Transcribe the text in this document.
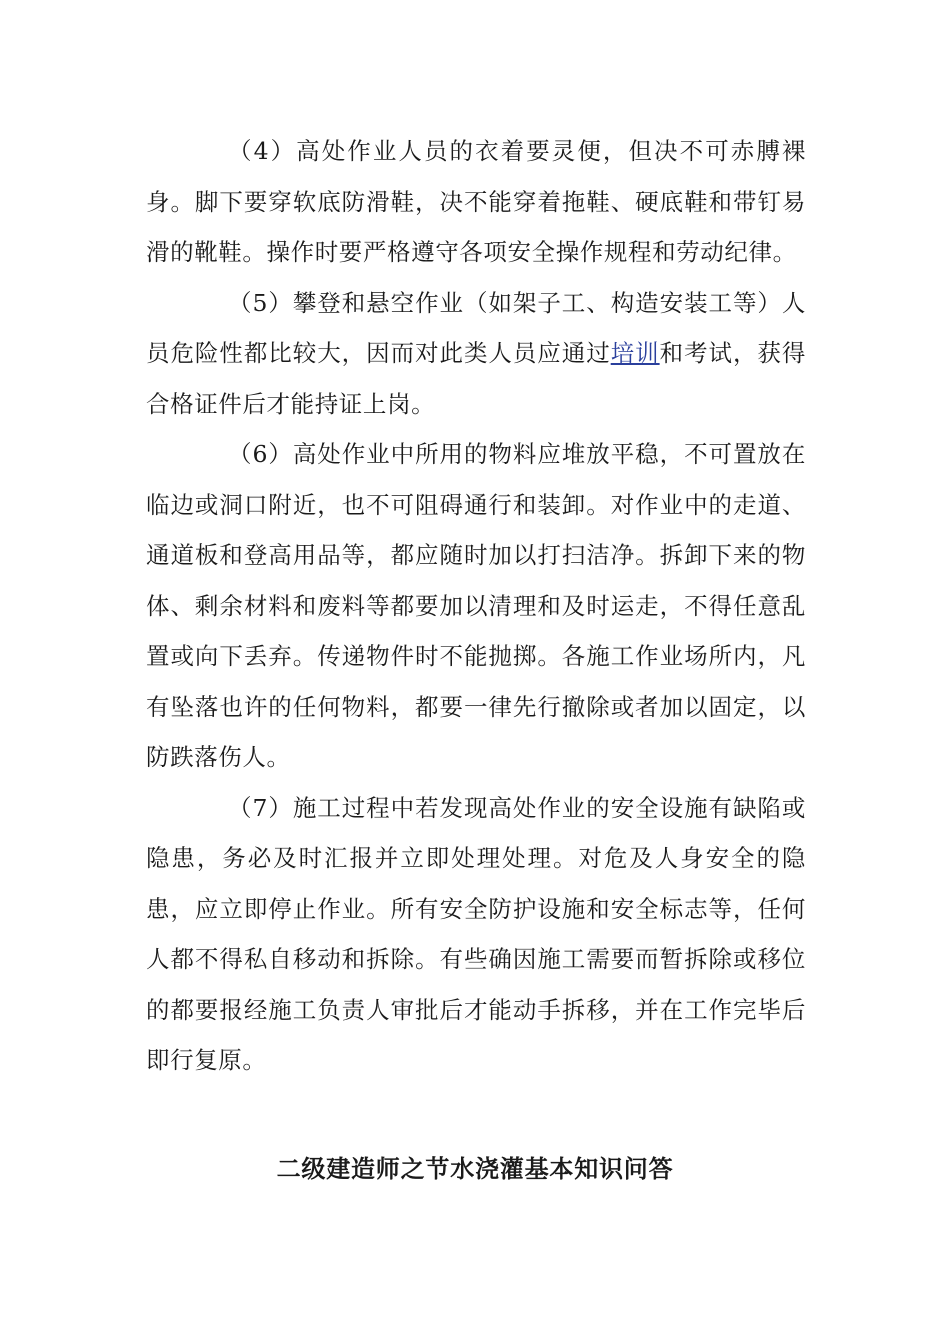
（4）高处作业人员的衣着要灵便，但决不可赤膊裸身。脚下要穿软底防滑鞋，决不能穿着拖鞋、硬底鞋和带钉易滑的靴鞋。操作时要严格遵守各项安全操作规程和劳动纪律。

（5）攀登和悬空作业（如架子工、构造安装工等）人员危险性都比较大，因而对此类人员应通过培训和考试，获得合格证件后才能持证上岗。

（6）高处作业中所用的物料应堆放平稳，不可置放在临边或洞口附近，也不可阻碍通行和装卸。对作业中的走道、通道板和登高用品等，都应随时加以打扫洁净。拆卸下来的物体、剩余材料和废料等都要加以清理和及时运走，不得任意乱置或向下丢弃。传递物件时不能抛掷。各施工作业场所内，凡有坠落也许的任何物料，都要一律先行撤除或者加以固定，以防跌落伤人。

（7）施工过程中若发现高处作业的安全设施有缺陷或隐患，务必及时汇报并立即处理处理。对危及人身安全的隐患，应立即停止作业。所有安全防护设施和安全标志等，任何人都不得私自移动和拆除。有些确因施工需要而暂拆除或移位的都要报经施工负责人审批后才能动手拆移，并在工作完毕后即行复原。

二级建造师之节水浇灌基本知识问答
